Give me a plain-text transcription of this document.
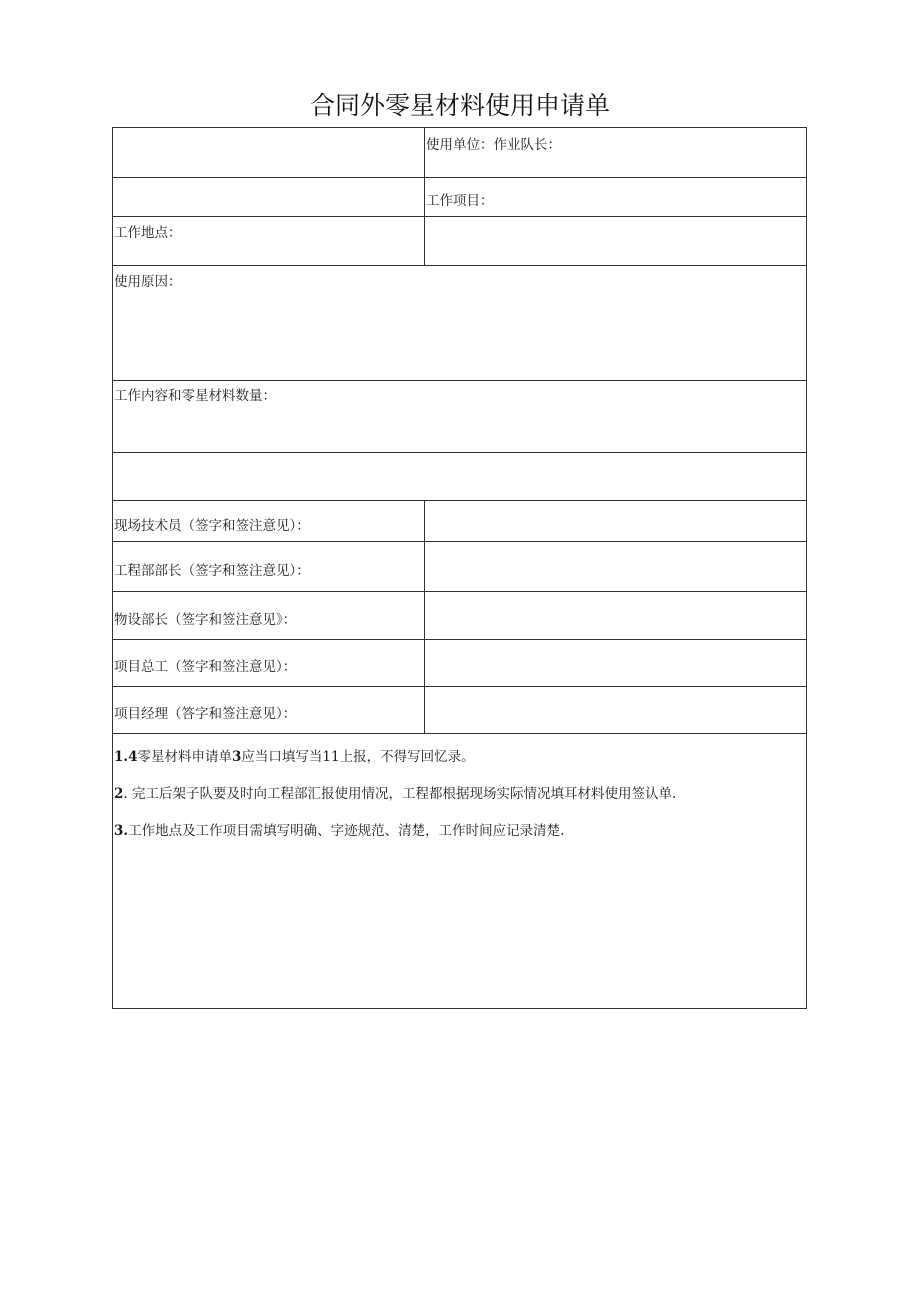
合同外零星材料使用申请单
使用单位：作业队长：
工作项目：
工作地点：
使用原因：
工作内容和零星材料数量：
现场技术员（签字和签注意见）：
工程部部长（签字和签注意见）：
物设部长（签字和签注意见》：
项目总工（签字和签注意见）：
项目经理（答字和签注意见）：
1.4零星材料申请单3应当口填写当11上报，不得写回忆录。
2. 完工后架子队要及时向工程部汇报使用情况，工程都根据现场实际情况填耳材料使用签认单.
3.工作地点及工作项目需填写明确、字迹规范、清楚，工作时间应记录清楚.
